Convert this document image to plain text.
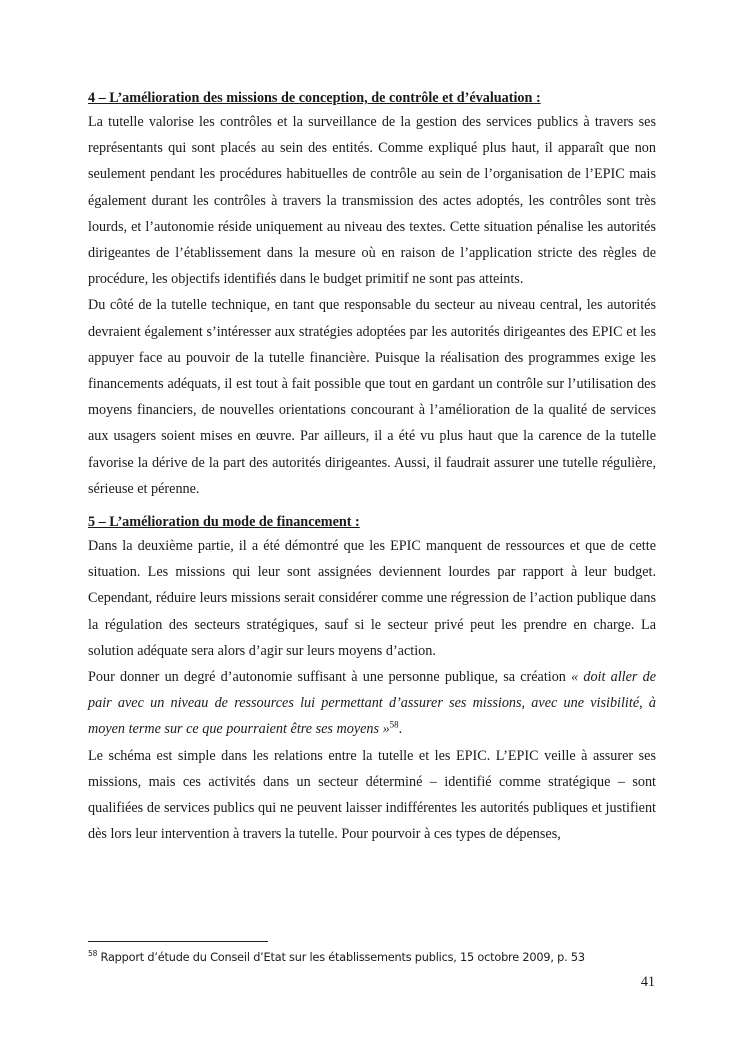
4 – L’amélioration des missions de conception, de contrôle et d’évaluation :

La tutelle valorise les contrôles et la surveillance de la gestion des services publics à travers ses représentants qui sont placés au sein des entités. Comme expliqué plus haut, il apparaît que non seulement pendant les procédures habituelles de contrôle au sein de l’organisation de l’EPIC mais également durant les contrôles à travers la transmission des actes adoptés, les contrôles sont très lourds, et l’autonomie réside uniquement au niveau des textes. Cette situation pénalise les autorités dirigeantes de l’établissement dans la mesure où en raison de l’application stricte des règles de procédure, les objectifs identifiés dans le budget primitif ne sont pas atteints.

Du côté de la tutelle technique, en tant que responsable du secteur au niveau central, les autorités devraient également s’intéresser aux stratégies adoptées par les autorités dirigeantes des EPIC et les appuyer face au pouvoir de la tutelle financière. Puisque la réalisation des programmes exige les financements adéquats, il est tout à fait possible que tout en gardant un contrôle sur l’utilisation des moyens financiers, de nouvelles orientations concourant à l’amélioration de la qualité de services aux usagers soient mises en œuvre. Par ailleurs, il a été vu plus haut que la carence de la tutelle favorise la dérive de la part des autorités dirigeantes. Aussi, il faudrait assurer une tutelle régulière, sérieuse et pérenne.

5 – L’amélioration du mode de financement :

Dans la deuxième partie, il a été démontré que les EPIC manquent de ressources et que de cette situation. Les missions qui leur sont assignées deviennent lourdes par rapport à leur budget. Cependant, réduire leurs missions serait considérer comme une régression de l’action publique dans la régulation des secteurs stratégiques, sauf si le secteur privé peut les prendre en charge. La solution adéquate sera alors d’agir sur leurs moyens d’action.

Pour donner un degré d’autonomie suffisant à une personne publique, sa création « doit aller de pair avec un niveau de ressources lui permettant d’assurer ses missions, avec une visibilité, à moyen terme sur ce que pourraient être ses moyens »$^{58}$.

Le schéma est simple dans les relations entre la tutelle et les EPIC. L’EPIC veille à assurer ses missions, mais ces activités dans un secteur déterminé – identifié comme stratégique – sont qualifiées de services publics qui ne peuvent laisser indifférentes les autorités publiques et justifient dès lors leur intervention à travers la tutelle. Pour pourvoir à ces types de dépenses,

$^{58}$ Rapport d’étude du Conseil d’Etat sur les établissements publics, 15 octobre 2009, p. 53
41
